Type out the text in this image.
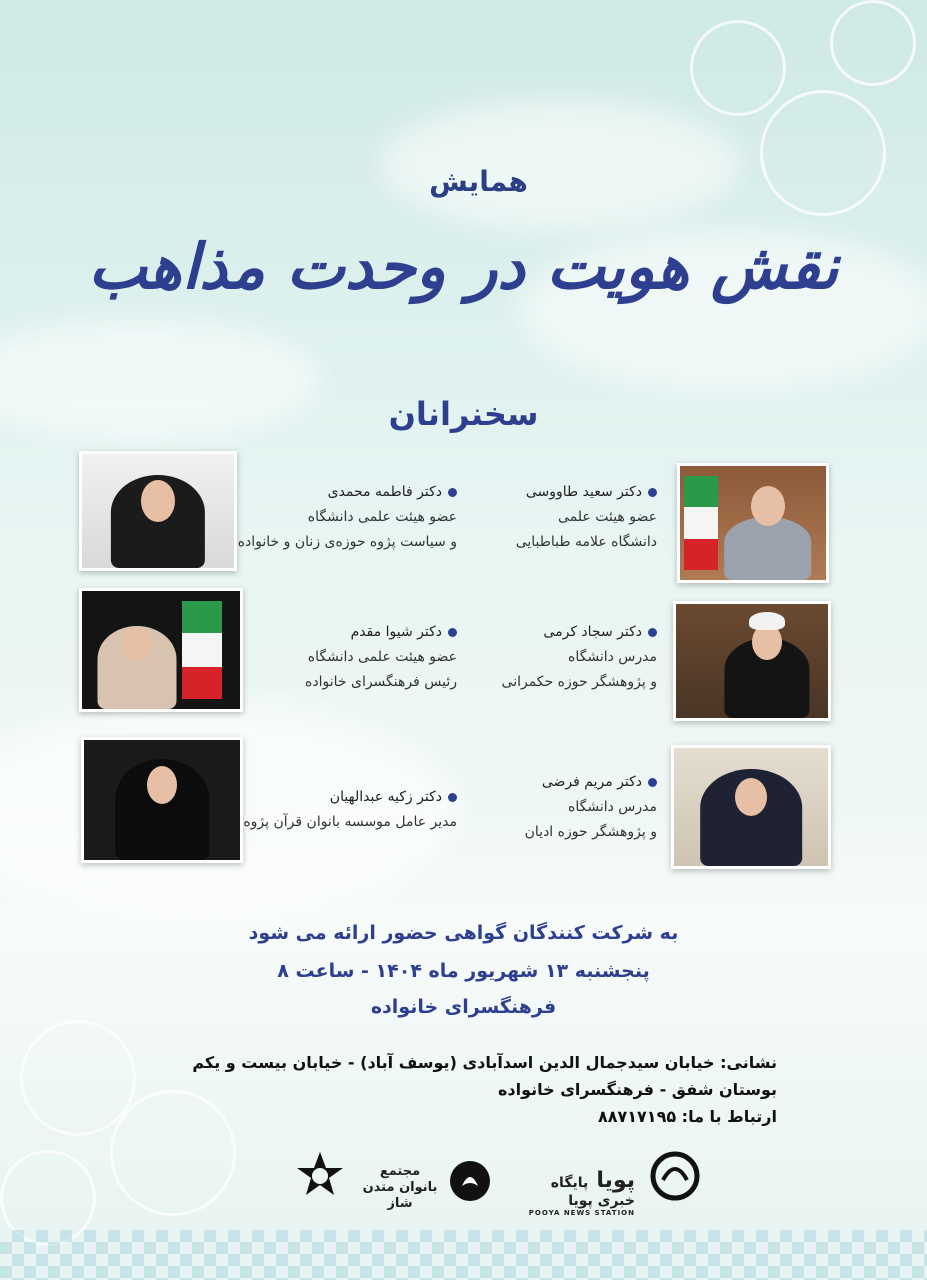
همایش
نقش هویت در وحدت مذاهب
سخنرانان
دکتر سعید طاووسی
عضو هیئت علمی
دانشگاه علامه طباطبایی
دکتر فاطمه محمدی
عضو هیئت علمی دانشگاه
و سیاست پژوه حوزه‌ی زنان و خانواده
دکتر سجاد کرمی
مدرس دانشگاه
و پژوهشگر حوزه حکمرانی
دکتر شیوا مقدم
عضو هیئت علمی دانشگاه
رئیس فرهنگسرای خانواده
دکتر مریم فرضی
مدرس دانشگاه
و پژوهشگر حوزه ادیان
دکتر زکیه عبدالهیان
مدیر عامل موسسه بانوان قرآن پژوه
به شرکت کنندگان گواهی حضور ارائه می شود
پنجشنبه ۱۳ شهریور ماه ۱۴۰۴ - ساعت ۸
فرهنگسرای خانواده
نشانی: خیابان سیدجمال الدین اسدآبادی (یوسف آباد) - خیابان بیست و یکم
بوستان شفق - فرهنگسرای خانواده
ارتباط با ما: ۸۸۷۱۷۱۹۵
پویا پایگاه خبری پویا
POOYA NEWS STATION
مجتمع بانوان متدن شاز
